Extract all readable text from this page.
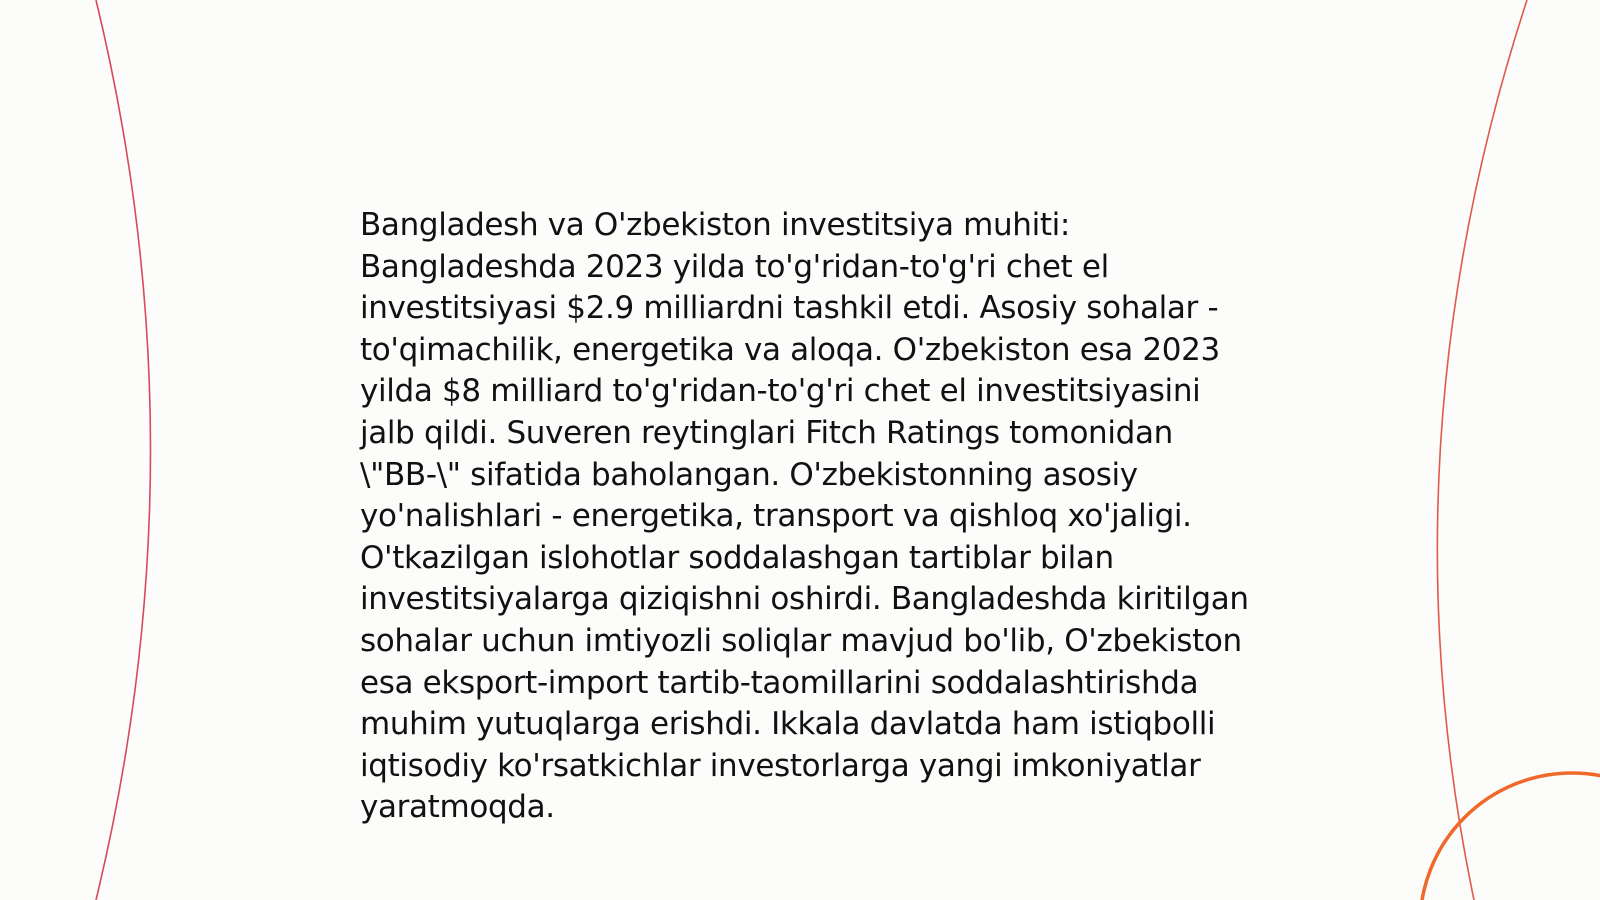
Bangladesh va O'zbekiston investitsiya muhiti: Bangladeshda 2023 yilda to'g'ridan-to'g'ri chet el investitsiyasi $2.9 milliardni tashkil etdi. Asosiy sohalar - to'qimachilik, energetika va aloqa. O'zbekiston esa 2023 yilda $8 milliard to'g'ridan-to'g'ri chet el investitsiyasini jalb qildi. Suveren reytinglari Fitch Ratings tomonidan \"BB-\" sifatida baholangan. O'zbekistonning asosiy yo'nalishlari - energetika, transport va qishloq xo'jaligi. O'tkazilgan islohotlar soddalashgan tartiblar bilan investitsiyalarga qiziqishni oshirdi. Bangladeshda kiritilgan sohalar uchun imtiyozli soliqlar mavjud bo'lib, O'zbekiston esa eksport-import tartib-taomillarini soddalashtirishda muhim yutuqlarga erishdi. Ikkala davlatda ham istiqbolli iqtisodiy ko'rsatkichlar investorlarga yangi imkoniyatlar yaratmoqda.
